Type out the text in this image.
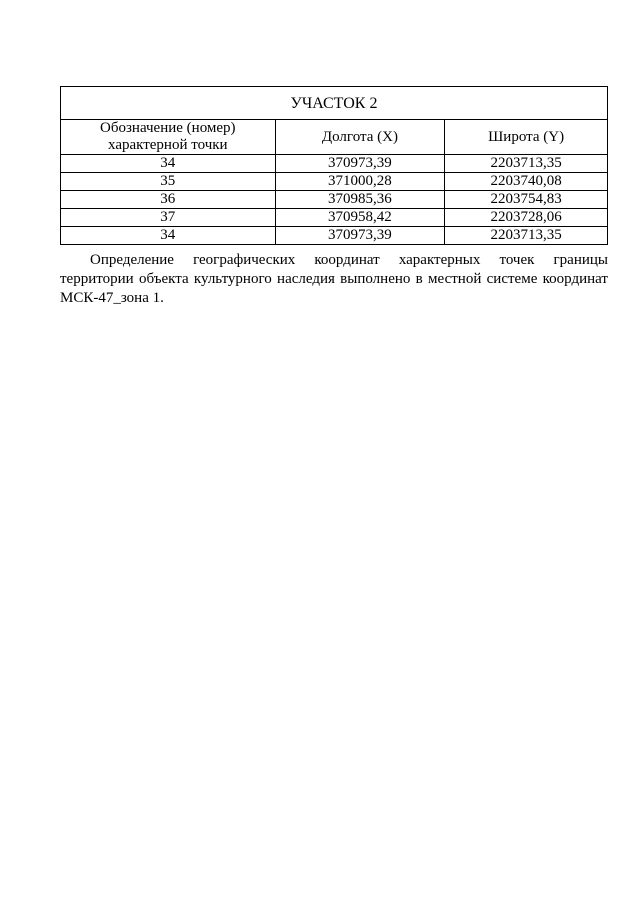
УЧАСТОК 2		
Обозначение (номер) характерной точки	Долгота (X)	Широта (Y)
34	370973,39	2203713,35
35	371000,28	2203740,08
36	370985,36	2203754,83
37	370958,42	2203728,06
34	370973,39	2203713,35

Определение географических координат характерных точек границы территории объекта культурного наследия выполнено в местной системе координат МСК-47_зона 1.
